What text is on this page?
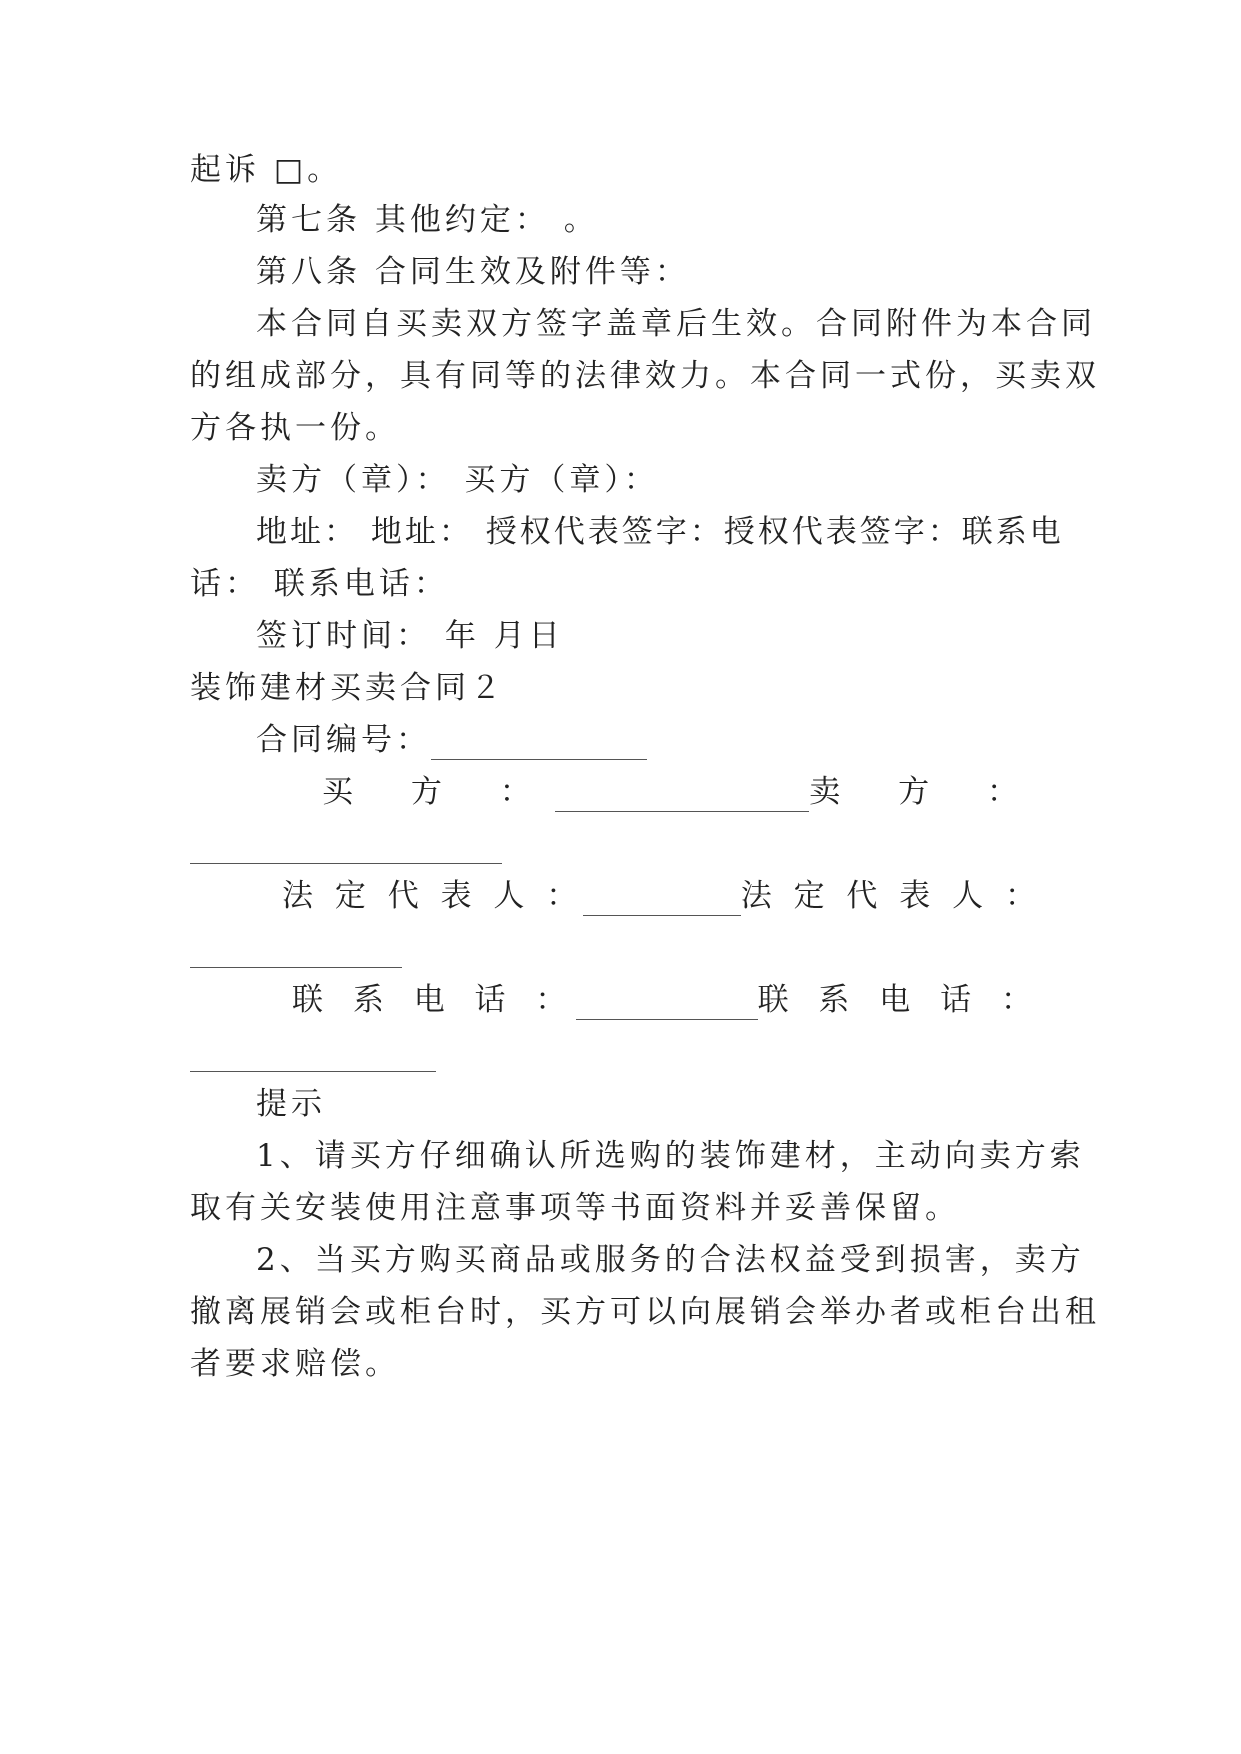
起诉 □。
第七条 其他约定： 。
第八条 合同生效及附件等：
本合同自买卖双方签字盖章后生效。合同附件为本合同
的组成部分，具有同等的法律效力。本合同一式份，买卖双
方各执一份。
卖方（章）： 买方（章）：
地址： 地址： 授权代表签字：授权代表签字：联系电
话： 联系电话：
签订时间： 年 月日
装饰建材买卖合同２
合同编号：
买 方 ：	卖 方 ：
法 定 代 表 人 ：	法 定 代 表 人 ：
联 系 电 话 ：	联 系 电 话 ：
提示
1、请买方仔细确认所选购的装饰建材，主动向卖方索
取有关安装使用注意事项等书面资料并妥善保留。
2、当买方购买商品或服务的合法权益受到损害，卖方
撤离展销会或柜台时，买方可以向展销会举办者或柜台出租
者要求赔偿。
